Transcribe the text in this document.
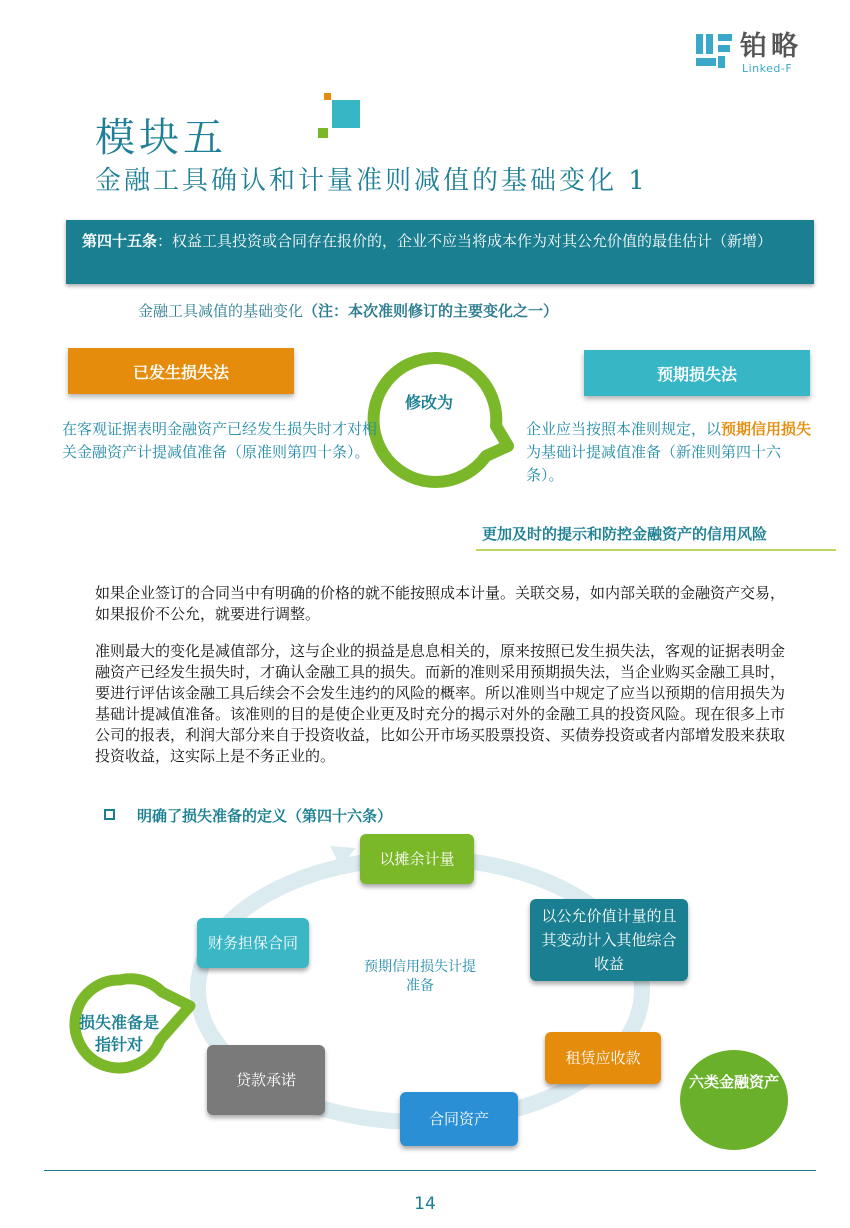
铂略
Linked-F
模块五
金融工具确认和计量准则减值的基础变化 1
第四十五条：权益工具投资或合同存在报价的，企业不应当将成本作为对其公允价值的最佳估计（新增）
金融工具减值的基础变化（注：本次准则修订的主要变化之一）
已发生损失法	预期损失法
修改为
在客观证据表明金融资产已经发生损失时才对相关金融资产计提减值准备（原准则第四十条）。
企业应当按照本准则规定，以预期信用损失为基础计提减值准备（新准则第四十六条）。
更加及时的提示和防控金融资产的信用风险
如果企业签订的合同当中有明确的价格的就不能按照成本计量。关联交易，如内部关联的金融资产交易，如果报价不公允，就要进行调整。
准则最大的变化是减值部分，这与企业的损益是息息相关的，原来按照已发生损失法，客观的证据表明金融资产已经发生损失时，才确认金融工具的损失。而新的准则采用预期损失法，当企业购买金融工具时，要进行评估该金融工具后续会不会发生违约的风险的概率。所以准则当中规定了应当以预期的信用损失为基础计提减值准备。该准则的目的是使企业更及时充分的揭示对外的金融工具的投资风险。现在很多上市公司的报表，利润大部分来自于投资收益，比如公开市场买股票投资、买债券投资或者内部增发股来获取投资收益，这实际上是不务正业的。
明确了损失准备的定义（第四十六条）
以摊余计量
以公允价值计量的且其变动计入其他综合收益
租赁应收款
合同资产
贷款承诺
财务担保合同
预期信用损失计提准备
损失准备是指针对
六类金融资产
14
